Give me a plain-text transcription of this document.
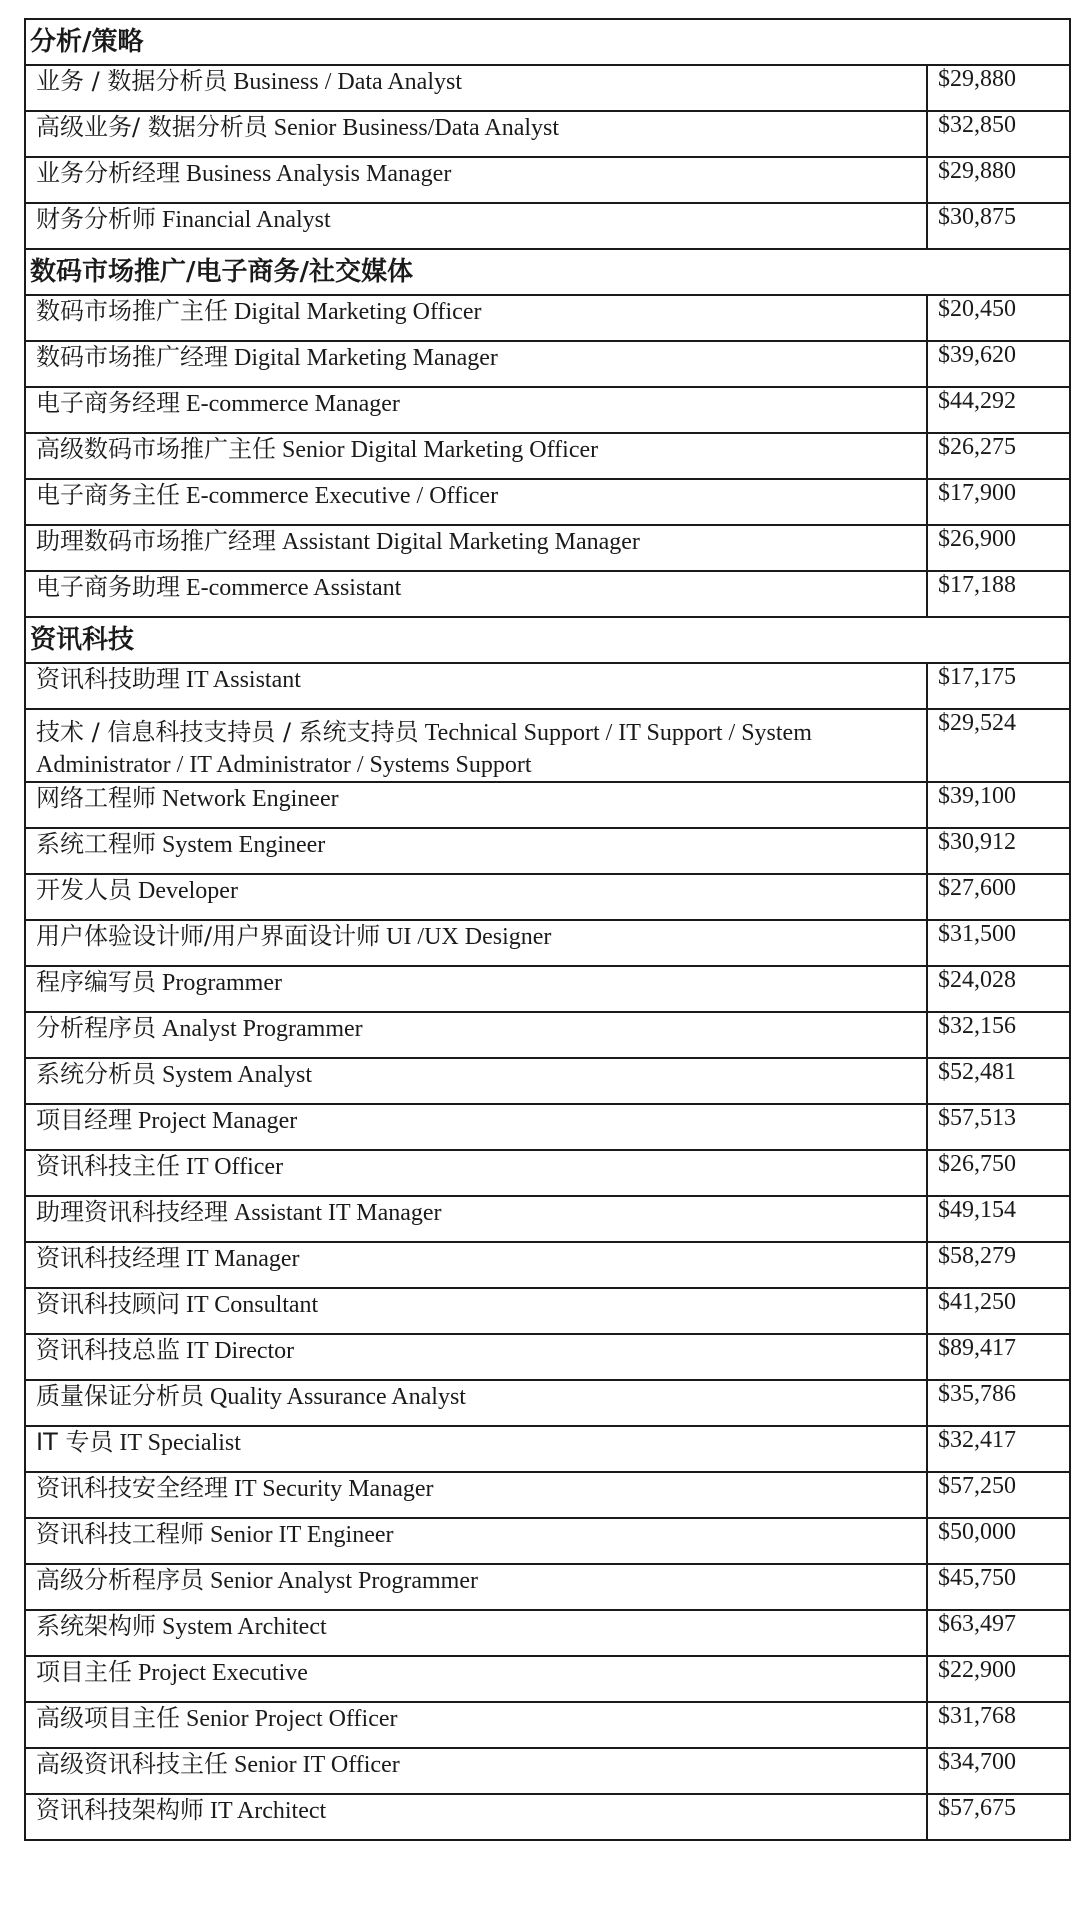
分析/策略	
业务 / 数据分析员 Business / Data Analyst	$29,880
高级业务/ 数据分析员 Senior Business/Data Analyst	$32,850
业务分析经理 Business Analysis Manager	$29,880
财务分析师 Financial Analyst	$30,875
数码市场推广/电子商务/社交媒体	
数码市场推广主任 Digital Marketing Officer	$20,450
数码市场推广经理 Digital Marketing Manager	$39,620
电子商务经理 E-commerce Manager	$44,292
高级数码市场推广主任 Senior Digital Marketing Officer	$26,275
电子商务主任 E-commerce Executive / Officer	$17,900
助理数码市场推广经理 Assistant Digital Marketing Manager	$26,900
电子商务助理 E-commerce Assistant	$17,188
资讯科技	
资讯科技助理 IT Assistant	$17,175
技术 / 信息科技支持员 / 系统支持员 Technical Support / IT Support / System Administrator / IT Administrator / Systems Support	$29,524
网络工程师 Network Engineer	$39,100
系统工程师 System Engineer	$30,912
开发人员 Developer	$27,600
用户体验设计师/用户界面设计师 UI /UX Designer	$31,500
程序编写员 Programmer	$24,028
分析程序员 Analyst Programmer	$32,156
系统分析员 System Analyst	$52,481
项目经理 Project Manager	$57,513
资讯科技主任 IT Officer	$26,750
助理资讯科技经理 Assistant IT Manager	$49,154
资讯科技经理 IT Manager	$58,279
资讯科技顾问 IT Consultant	$41,250
资讯科技总监 IT Director	$89,417
质量保证分析员 Quality Assurance Analyst	$35,786
IT 专员 IT Specialist	$32,417
资讯科技安全经理 IT Security Manager	$57,250
资讯科技工程师 Senior IT Engineer	$50,000
高级分析程序员 Senior Analyst Programmer	$45,750
系统架构师 System Architect	$63,497
项目主任 Project Executive	$22,900
高级项目主任 Senior Project Officer	$31,768
高级资讯科技主任 Senior IT Officer	$34,700
资讯科技架构师 IT Architect	$57,675
